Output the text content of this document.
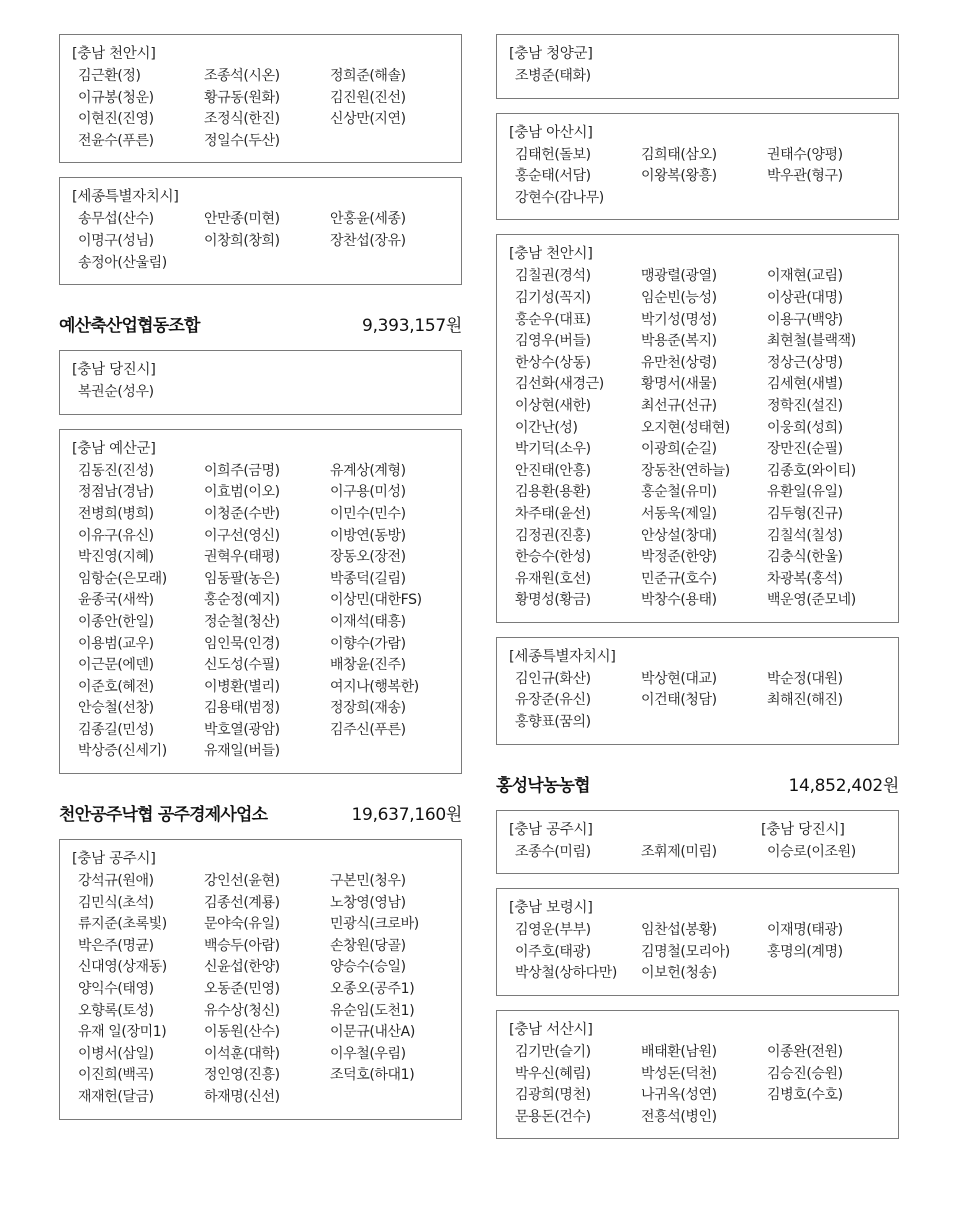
[충남 천안시]
김근환(정)	조종석(시온)	정희준(해솔)
이규봉(청운)	황규동(원화)	김진원(진선)
이현진(진영)	조정식(한진)	신상만(지연)
전윤수(푸른)	정일수(두산)
[세종특별자치시]
송무섭(산수)	안만종(미현)	안홍윤(세종)
이명구(성님)	이창희(창희)	장찬섭(장유)
송정아(산울림)
예산축산업협동조합	9,393,157원
[충남 당진시]
복권순(성우)
[충남 예산군]
김동진(진성)	이희주(금명)	유계상(계형)
정점남(경남)	이효범(이오)	이구용(미성)
전병희(병희)	이청준(수반)	이민수(민수)
이유구(유신)	이구선(영신)	이방연(동방)
박진영(지혜)	권혁우(태평)	장동오(장전)
임항순(은모래)	임동팔(농은)	박종덕(길림)
윤종국(새싹)	홍순정(예지)	이상민(대한FS)
이종안(한일)	정순철(청산)	이재석(태흥)
이용범(교우)	임인묵(인경)	이향수(가람)
이근문(에덴)	신도성(수필)	배창윤(진주)
이준호(혜전)	이병환(별리)	여지나(행복한)
안승철(선창)	김용태(범정)	정장희(재송)
김종길(민성)	박호열(광암)	김주신(푸른)
박상증(신세기)	유재일(버들)
천안공주낙협 공주경제사업소	19,637,160원
[충남 공주시]
강석규(원애)	강인선(윤현)	구본민(청우)
김민식(초석)	김종선(계룡)	노창영(영남)
류지준(초록빛)	문야숙(유일)	민광식(크로바)
박은주(명균)	백승두(아람)	손창원(당골)
신대영(상재동)	신윤섭(한양)	양승수(승일)
양익수(태영)	오동준(민영)	오종오(공주1)
오향록(토성)	유수상(청신)	유순임(도천1)
유재 일(장미1)	이동원(산수)	이문규(내산A)
이병서(삼일)	이석훈(대학)	이우철(우림)
이진희(백곡)	정인영(진흥)	조덕호(하대1)
재재헌(달금)	하재명(신선)
[충남 청양군]
조병준(태화)
[충남 아산시]
김태헌(돌보)	김희태(삼오)	권태수(양평)
홍순태(서담)	이왕복(왕흥)	박우관(형구)
강현수(감나무)
[충남 천안시]
김칠권(경석)	맹광렬(광열)	이재현(교림)
김기성(꼭지)	임순빈(능성)	이상관(대명)
홍순우(대표)	박기성(명성)	이용구(백양)
김영우(버들)	박용준(복지)	최현철(블랙잭)
한상수(상동)	유만천(상령)	정상근(상명)
김선화(새경근)	황명서(새물)	김세현(새별)
이상현(새한)	최선규(선규)	정학진(설진)
이간난(성)	오지현(성태현)	이웅희(성희)
박기덕(소우)	이광희(순길)	장만진(순필)
안진태(안흥)	장동찬(연하늘)	김종호(와이티)
김용환(용환)	홍순철(유미)	유환일(유일)
차주태(윤선)	서동욱(제일)	김두형(진규)
김정권(진홍)	안상설(창대)	김칠석(칠성)
한승수(한성)	박정준(한양)	김충식(한울)
유재원(호선)	민준규(호수)	차광복(홍석)
황명성(황금)	박창수(용태)	백운영(준모네)
[세종특별자치시]
김인규(화산)	박상현(대교)	박순정(대원)
유장준(유신)	이건태(청담)	최해진(해진)
홍향표(꿈의)
홍성낙농농협	14,852,402원
[충남 공주시]
조종수(미림)	조휘제(미림)
[충남 당진시]
이승로(이조원)
[충남 보령시]
김영운(부부)	임찬섭(봉황)	이재명(태광)
이주호(태광)	김명철(모리아)	홍명의(계명)
박상철(상하다만)	이보헌(청송)
[충남 서산시]
김기만(슬기)	배태환(남원)	이종완(전원)
박우신(혜림)	박성돈(덕천)	김승진(승원)
김광희(명천)	나귀옥(성연)	김병호(수호)
문용돈(건수)	전흥석(병인)
